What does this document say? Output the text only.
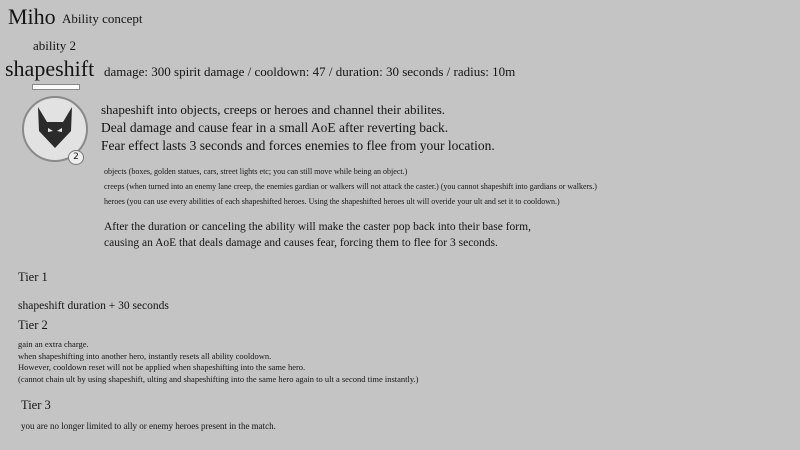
Miho Ability concept
ability 2
shapeshift damage: 300 spirit damage / cooldown: 47 / duration: 30 seconds / radius: 10m
2
shapeshift into objects, creeps or heroes and channel their abilites.
Deal damage and cause fear in a small AoE after reverting back.
Fear effect lasts 3 seconds and forces enemies to flee from your location.
objects (boxes, golden statues, cars, street lights etc; you can still move while being an object.)
creeps (when turned into an enemy lane creep, the enemies gardian or walkers will not attack the caster.) (you cannot shapeshift into gardians or walkers.)
heroes (you can use every abilities of each shapeshifted heroes. Using the shapeshifted heroes ult will overide your ult and set it to cooldown.)
After the duration or canceling the ability will make the caster pop back into their base form,
causing an AoE that deals damage and causes fear, forcing them to flee for 3 seconds.
Tier 1
shapeshift duration + 30 seconds
Tier 2
gain an extra charge.
when shapeshifting into another hero, instantly resets all ability cooldown.
However, cooldown reset will not be applied when shapeshifting into the same hero.
(cannot chain ult by using shapeshift, ulting and shapeshifting into the same hero again to ult a second time instantly.)
Tier 3
you are no longer limited to ally or enemy heroes present in the match.
